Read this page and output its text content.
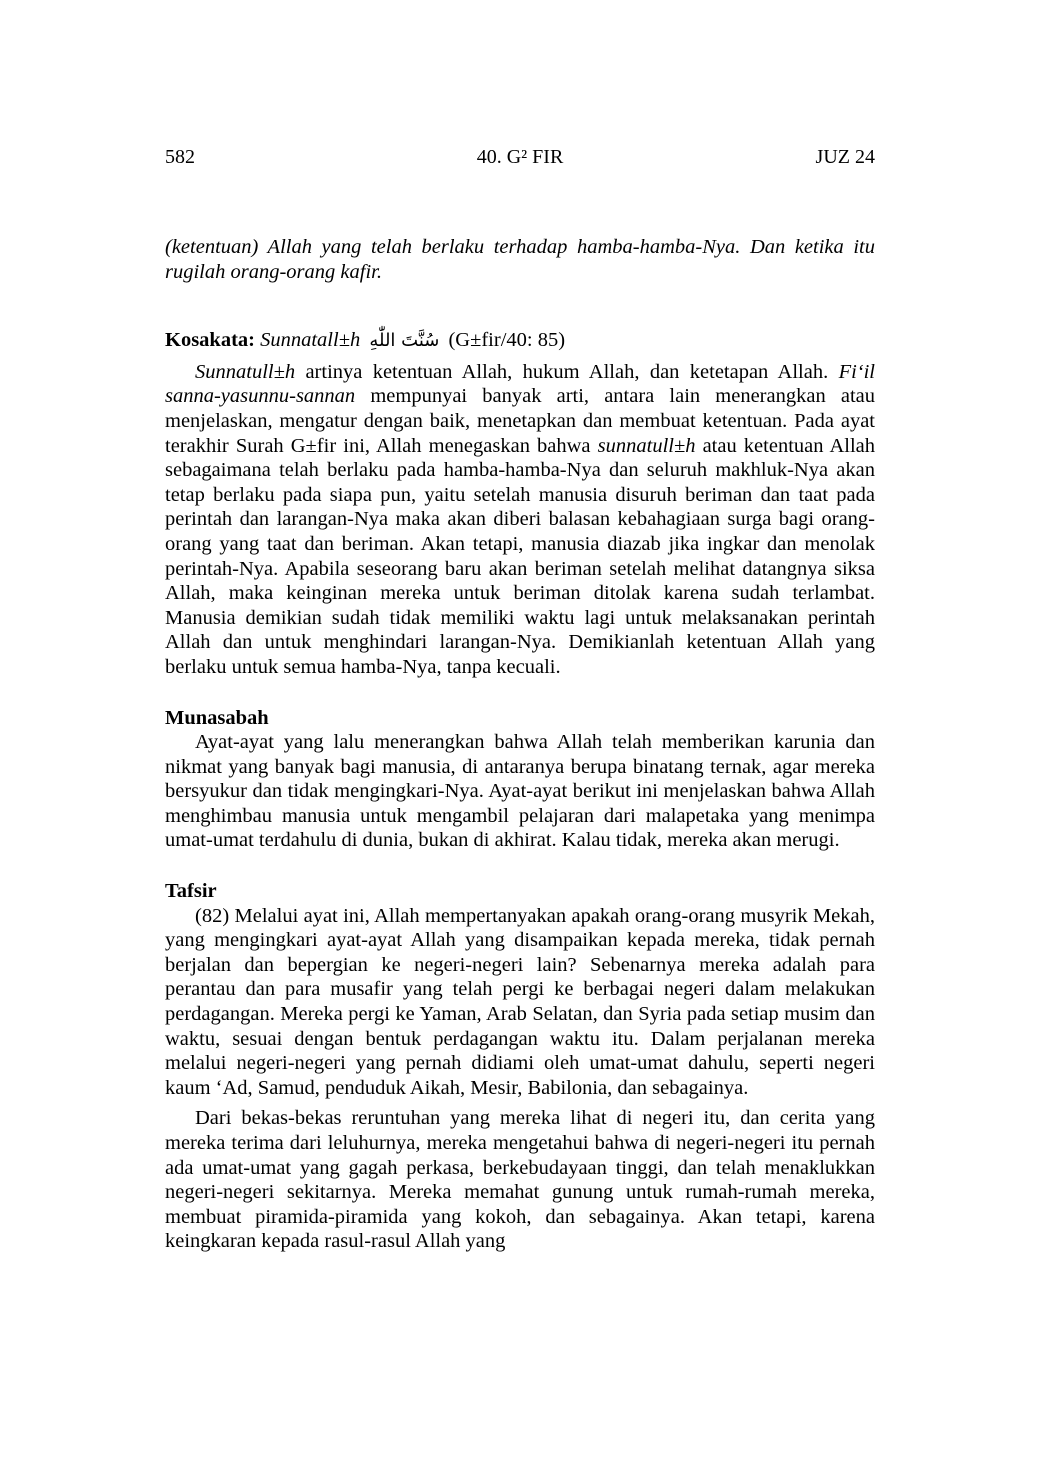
582	40. G² FIR	JUZ 24

(ketentuan) Allah yang telah berlaku terhadap hamba-hamba-Nya. Dan ketika itu rugilah orang-orang kafir.

Kosakata: Sunnatall±h سُنَّتَ اللّٰهِ (G±fir/40: 85)

Sunnatull±h artinya ketentuan Allah, hukum Allah, dan ketetapan Allah. Fi‘il sanna-yasunnu-sannan mempunyai banyak arti, antara lain menerangkan atau menjelaskan, mengatur dengan baik, menetapkan dan membuat ketentuan. Pada ayat terakhir Surah G±fir ini, Allah menegaskan bahwa sunnatull±h atau ketentuan Allah sebagaimana telah berlaku pada hamba-hamba-Nya dan seluruh makhluk-Nya akan tetap berlaku pada siapa pun, yaitu setelah manusia disuruh beriman dan taat pada perintah dan larangan-Nya maka akan diberi balasan kebahagiaan surga bagi orang-orang yang taat dan beriman. Akan tetapi, manusia diazab jika ingkar dan menolak perintah-Nya. Apabila seseorang baru akan beriman setelah melihat datangnya siksa Allah, maka keinginan mereka untuk beriman ditolak karena sudah terlambat. Manusia demikian sudah tidak memiliki waktu lagi untuk melaksanakan perintah Allah dan untuk menghindari larangan-Nya. Demikianlah ketentuan Allah yang berlaku untuk semua hamba-Nya, tanpa kecuali.

Munasabah

Ayat-ayat yang lalu menerangkan bahwa Allah telah memberikan karunia dan nikmat yang banyak bagi manusia, di antaranya berupa binatang ternak, agar mereka bersyukur dan tidak mengingkari-Nya. Ayat-ayat berikut ini menjelaskan bahwa Allah menghimbau manusia untuk mengambil pelajaran dari malapetaka yang menimpa umat-umat terdahulu di dunia, bukan di akhirat. Kalau tidak, mereka akan merugi.

Tafsir

(82) Melalui ayat ini, Allah mempertanyakan apakah orang-orang musyrik Mekah, yang mengingkari ayat-ayat Allah yang disampaikan kepada mereka, tidak pernah berjalan dan bepergian ke negeri-negeri lain? Sebenarnya mereka adalah para perantau dan para musafir yang telah pergi ke berbagai negeri dalam melakukan perdagangan. Mereka pergi ke Yaman, Arab Selatan, dan Syria pada setiap musim dan waktu, sesuai dengan bentuk perdagangan waktu itu. Dalam perjalanan mereka melalui negeri-negeri yang pernah didiami oleh umat-umat dahulu, seperti negeri kaum ‘Ad, Samud, penduduk Aikah, Mesir, Babilonia, dan sebagainya.

Dari bekas-bekas reruntuhan yang mereka lihat di negeri itu, dan cerita yang mereka terima dari leluhurnya, mereka mengetahui bahwa di negeri-negeri itu pernah ada umat-umat yang gagah perkasa, berkebudayaan tinggi, dan telah menaklukkan negeri-negeri sekitarnya. Mereka memahat gunung untuk rumah-rumah mereka, membuat piramida-piramida yang kokoh, dan sebagainya. Akan tetapi, karena keingkaran kepada rasul-rasul Allah yang
